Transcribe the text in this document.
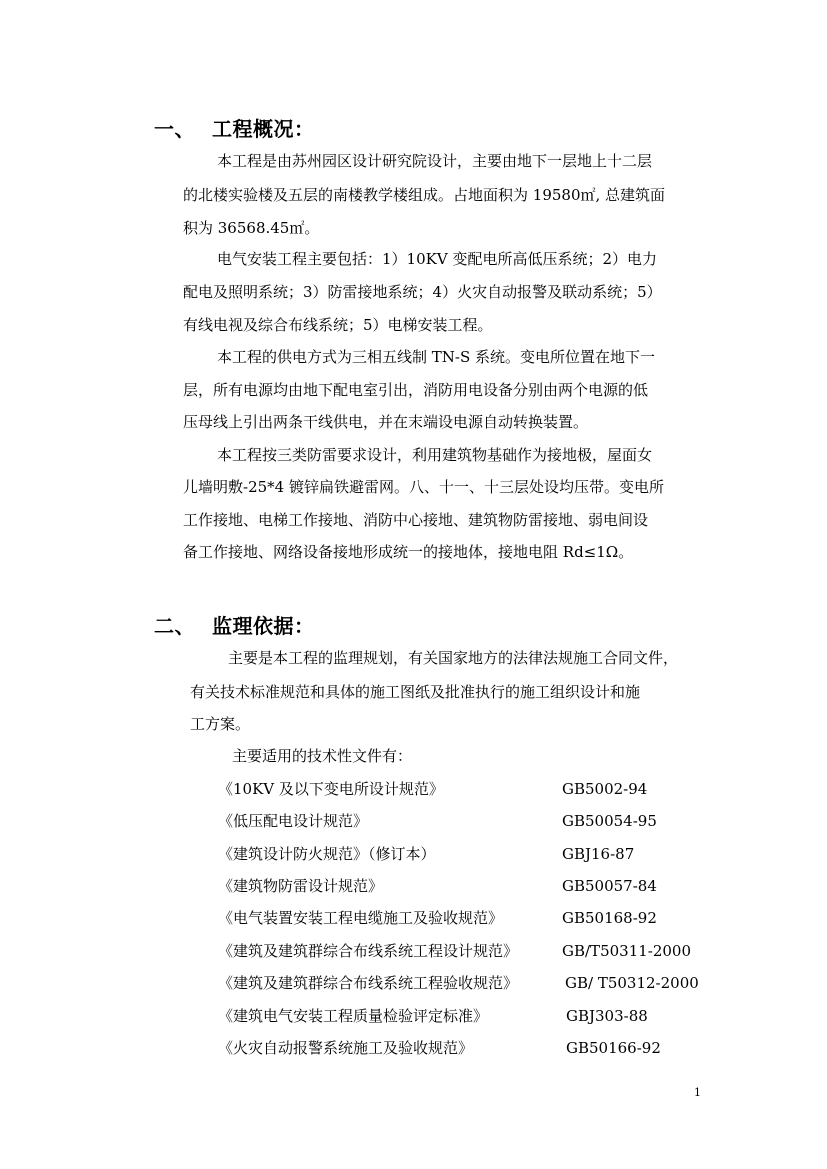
一、 工程概况：
本工程是由苏州园区设计研究院设计，主要由地下一层地上十二层
的北楼实验楼及五层的南楼教学楼组成。占地面积为 19580㎡, 总建筑面
积为 36568.45㎡。
电气安装工程主要包括：1）10KV 变配电所高低压系统；2）电力
配电及照明系统；3）防雷接地系统；4）火灾自动报警及联动系统；5）
有线电视及综合布线系统；5）电梯安装工程。
本工程的供电方式为三相五线制 TN-S 系统。变电所位置在地下一
层，所有电源均由地下配电室引出，消防用电设备分别由两个电源的低
压母线上引出两条干线供电，并在末端设电源自动转换装置。
本工程按三类防雷要求设计，利用建筑物基础作为接地极，屋面女
儿墙明敷-25*4 镀锌扁铁避雷网。八、十一、十三层处设均压带。变电所
工作接地、电梯工作接地、消防中心接地、建筑物防雷接地、弱电间设
备工作接地、网络设备接地形成统一的接地体，接地电阻 Rd≤1Ω。
二、 监理依据：
主要是本工程的监理规划，有关国家地方的法律法规施工合同文件，
有关技术标准规范和具体的施工图纸及批准执行的施工组织设计和施
工方案。
主要适用的技术性文件有：
《10KV 及以下变电所设计规范》	GB5002-94
《低压配电设计规范》	GB50054-95
《建筑设计防火规范》（修订本）	GBJ16-87
《建筑物防雷设计规范》	GB50057-84
《电气装置安装工程电缆施工及验收规范》	GB50168-92
《建筑及建筑群综合布线系统工程设计规范》	GB/T50311-2000
《建筑及建筑群综合布线系统工程验收规范》	GB/ T50312-2000
《建筑电气安装工程质量检验评定标准》	GBJ303-88
《火灾自动报警系统施工及验收规范》	GB50166-92
1
